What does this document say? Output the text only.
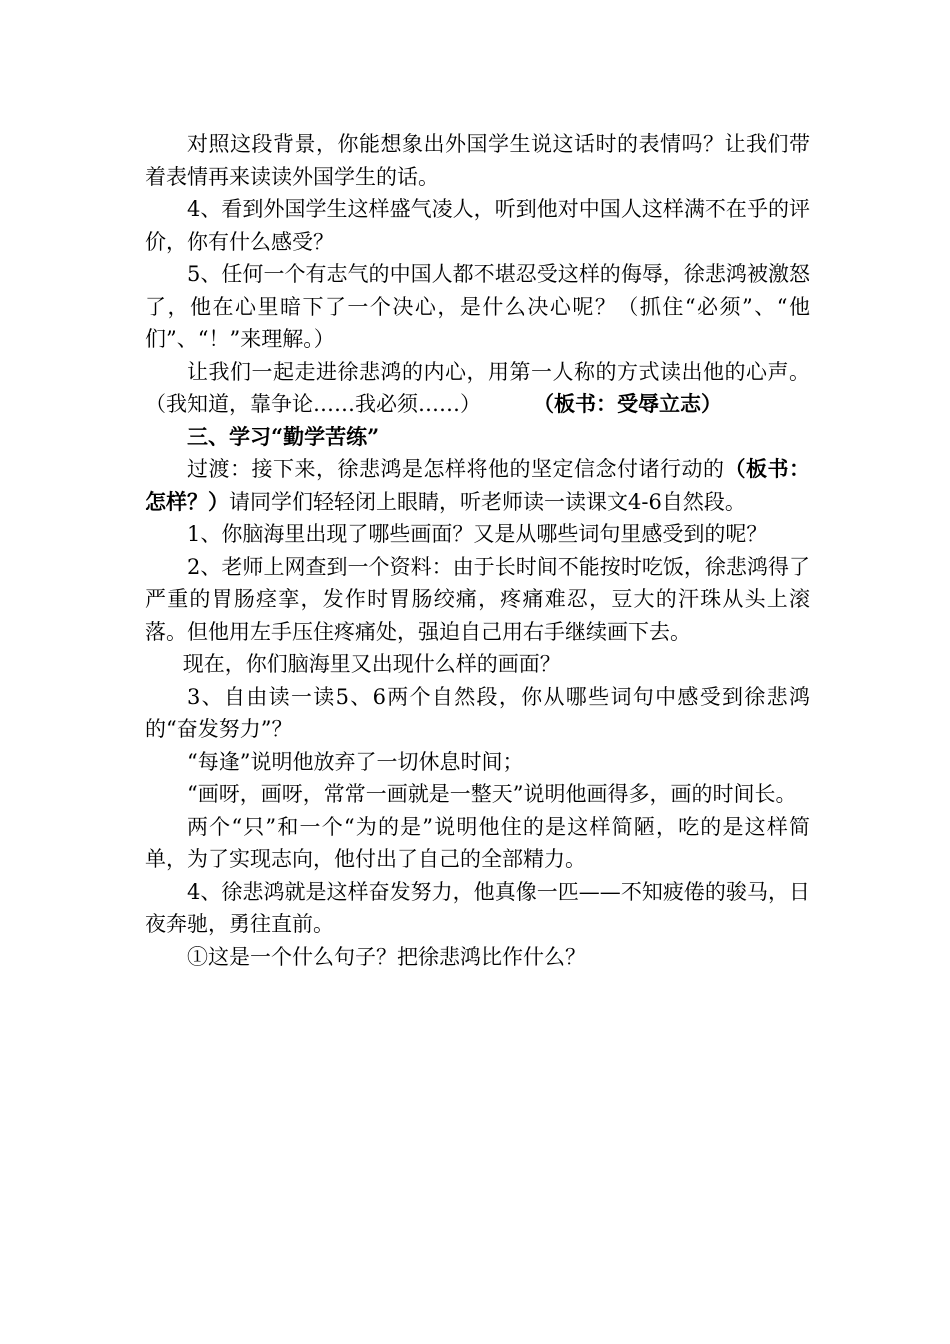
对照这段背景，你能想象出外国学生说这话时的表情吗？让我们带着表情再来读读外国学生的话。

4、看到外国学生这样盛气凌人，听到他对中国人这样满不在乎的评价，你有什么感受？

5、任何一个有志气的中国人都不堪忍受这样的侮辱，徐悲鸿被激怒了，他在心里暗下了一个决心，是什么决心呢？（抓住“必须”、“他们”、“！”来理解。）

让我们一起走进徐悲鸿的内心，用第一人称的方式读出他的心声。（我知道，靠争论……我必须……） （板书：受辱立志）

三、学习“勤学苦练”

过渡：接下来，徐悲鸿是怎样将他的坚定信念付诸行动的（板书：怎样？）请同学们轻轻闭上眼睛，听老师读一读课文4-6自然段。

1、你脑海里出现了哪些画面？又是从哪些词句里感受到的呢？

2、老师上网查到一个资料：由于长时间不能按时吃饭，徐悲鸿得了严重的胃肠痉挛，发作时胃肠绞痛，疼痛难忍，豆大的汗珠从头上滚落。但他用左手压住疼痛处，强迫自己用右手继续画下去。

现在，你们脑海里又出现什么样的画面？

3、自由读一读5、6两个自然段，你从哪些词句中感受到徐悲鸿的“奋发努力”？

“每逢”说明他放弃了一切休息时间；

“画呀，画呀，常常一画就是一整天”说明他画得多，画的时间长。

两个“只”和一个“为的是”说明他住的是这样简陋，吃的是这样简单，为了实现志向，他付出了自己的全部精力。

4、徐悲鸿就是这样奋发努力，他真像一匹——不知疲倦的骏马，日夜奔驰，勇往直前。

①这是一个什么句子？把徐悲鸿比作什么？
